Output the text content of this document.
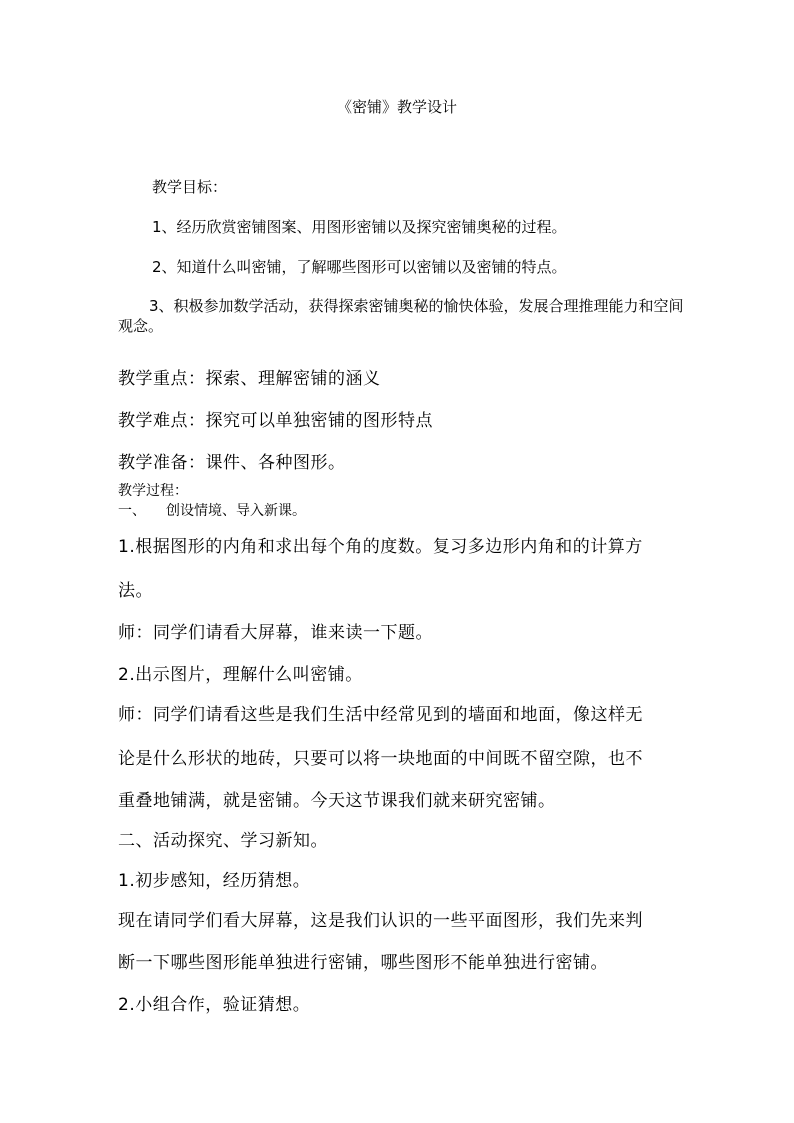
《密铺》教学设计

教学目标：

1、经历欣赏密铺图案、用图形密铺以及探究密铺奥秘的过程。

2、知道什么叫密铺，了解哪些图形可以密铺以及密铺的特点。

3、积极参加数学活动，获得探索密铺奥秘的愉快体验，发展合理推理能力和空间观念。

教学重点：探索、理解密铺的涵义

教学难点：探究可以单独密铺的图形特点

教学准备：课件、各种图形。

教学过程：

一、 创设情境、导入新课。

1.根据图形的内角和求出每个角的度数。复习多边形内角和的计算方

法。

师：同学们请看大屏幕，谁来读一下题。

2.出示图片，理解什么叫密铺。

师：同学们请看这些是我们生活中经常见到的墙面和地面，像这样无

论是什么形状的地砖，只要可以将一块地面的中间既不留空隙，也不

重叠地铺满，就是密铺。今天这节课我们就来研究密铺。

二、活动探究、学习新知。

1.初步感知，经历猜想。

现在请同学们看大屏幕，这是我们认识的一些平面图形，我们先来判

断一下哪些图形能单独进行密铺，哪些图形不能单独进行密铺。

2.小组合作，验证猜想。
